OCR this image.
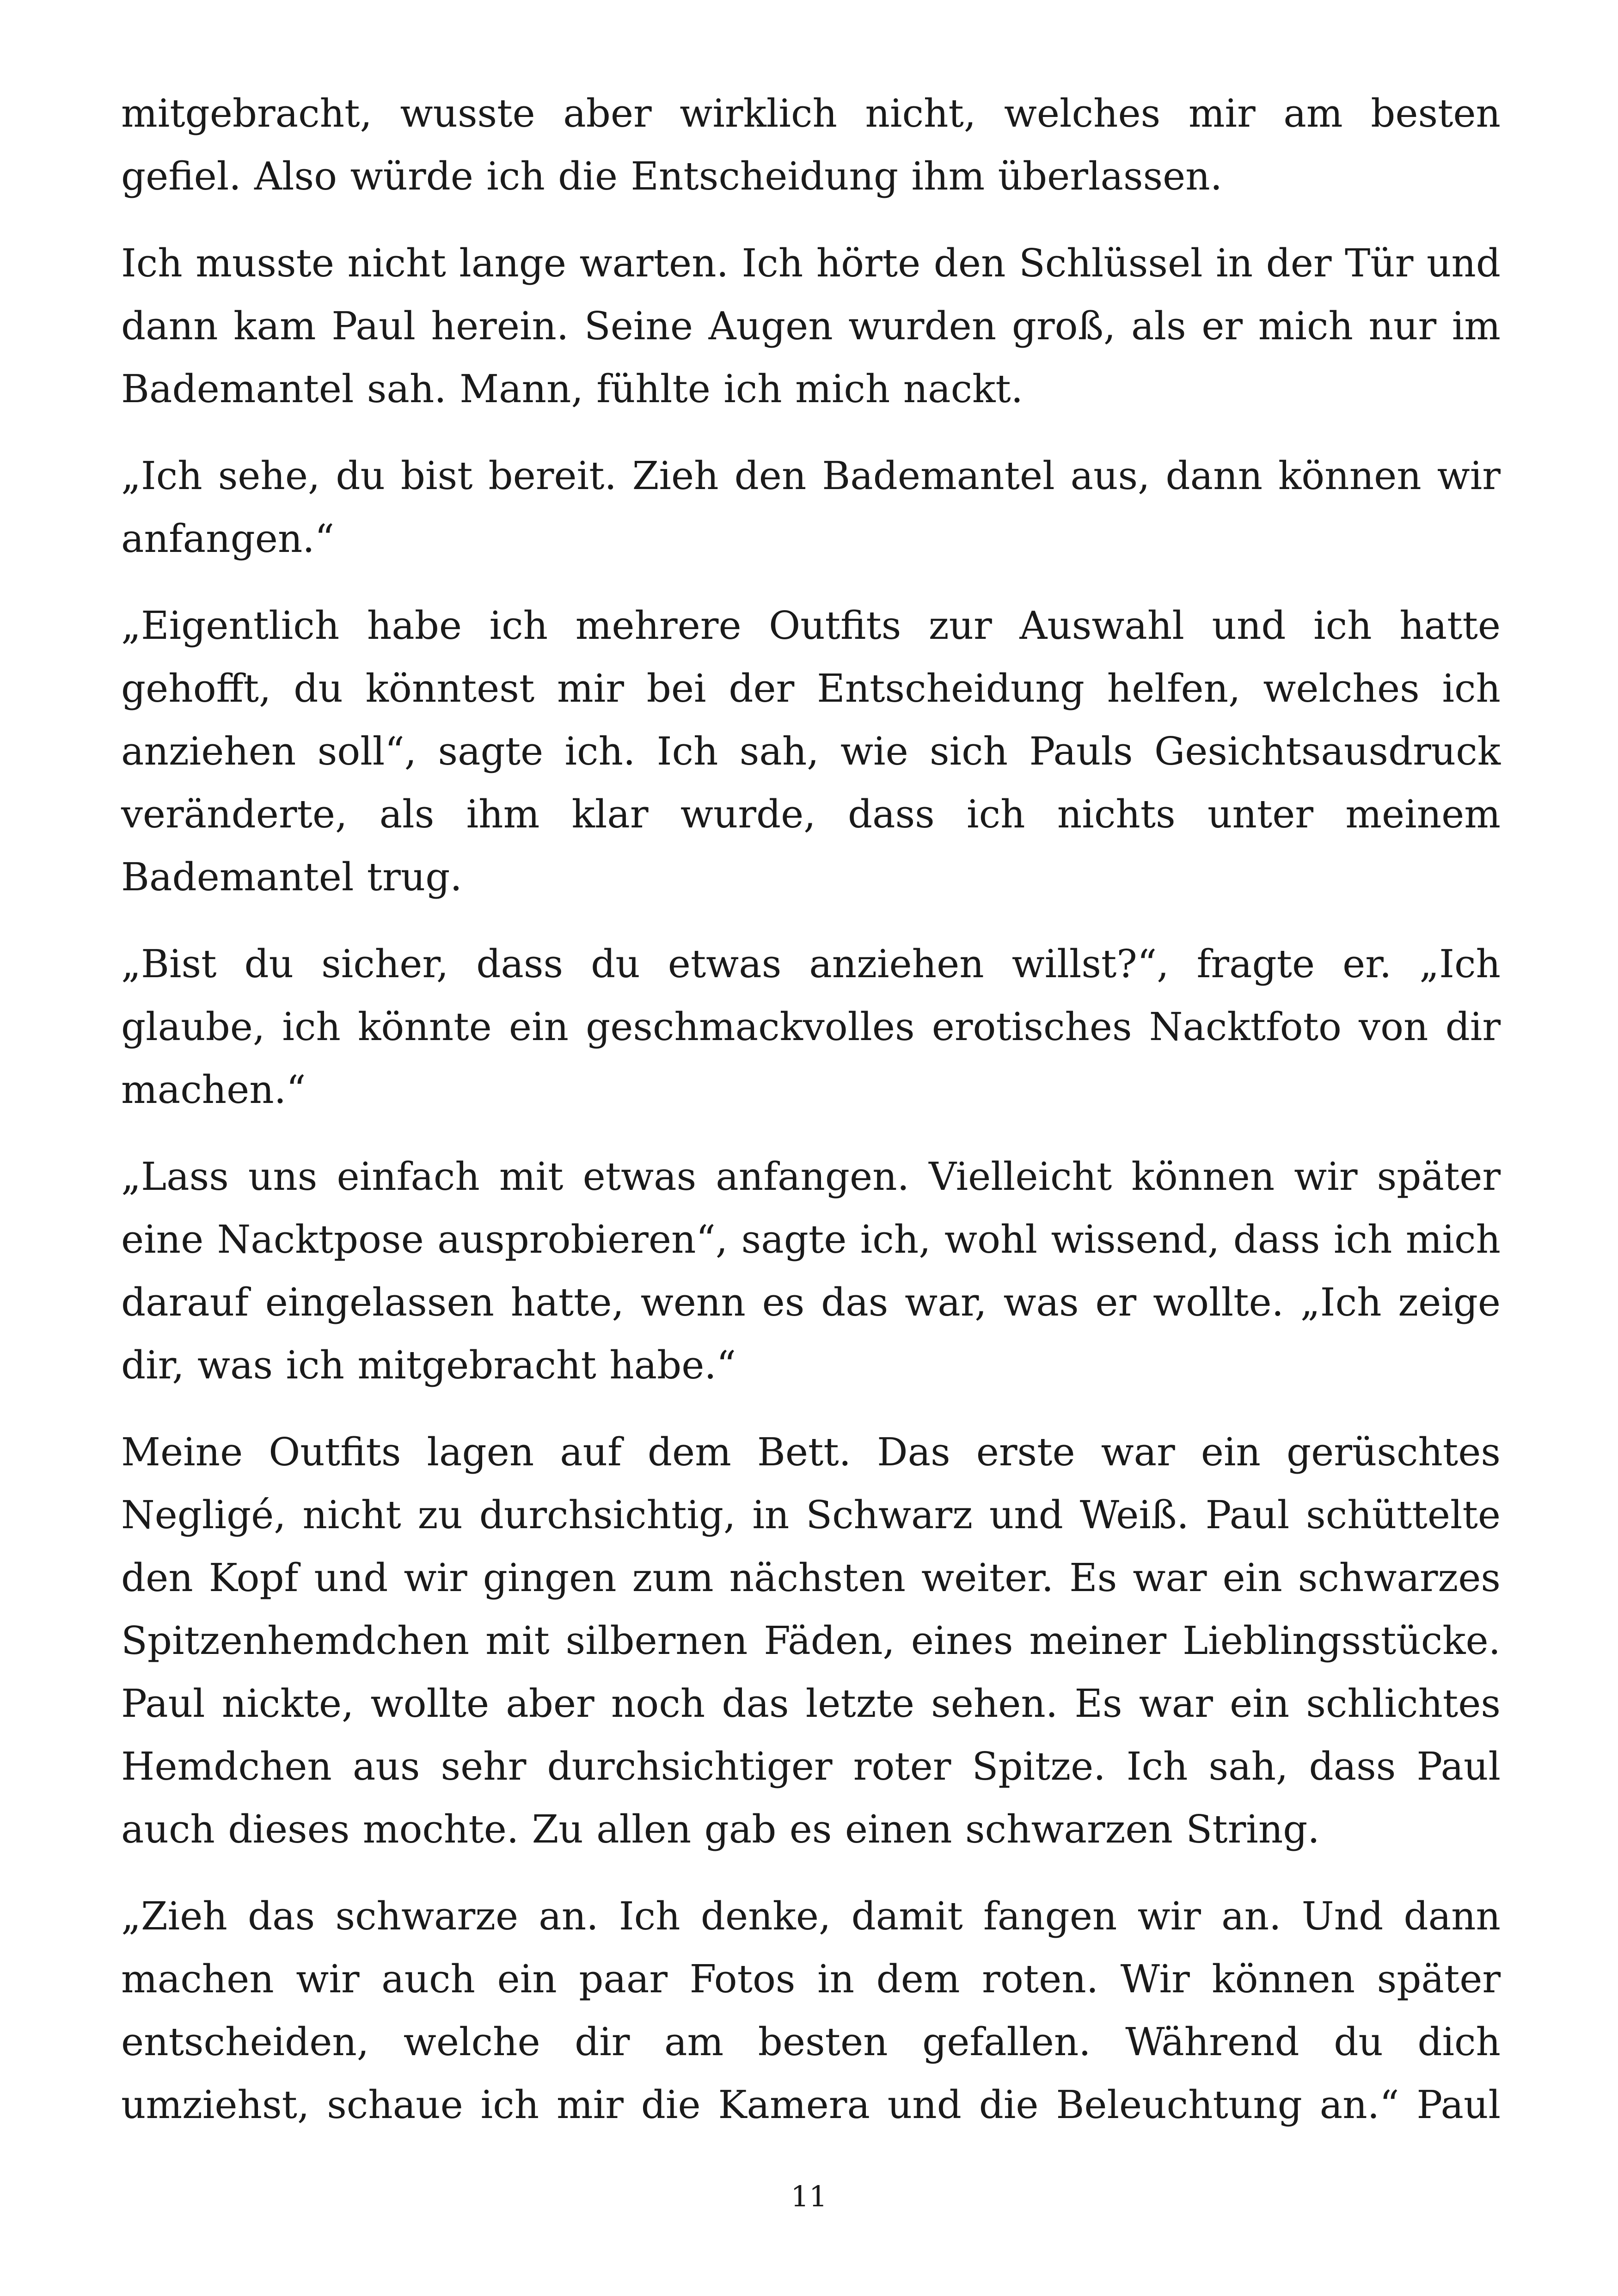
mitgebracht, wusste aber wirklich nicht, welches mir am besten gefiel. Also würde ich die Entscheidung ihm überlassen.

Ich musste nicht lange warten. Ich hörte den Schlüssel in der Tür und dann kam Paul herein. Seine Augen wurden groß, als er mich nur im Bademantel sah. Mann, fühlte ich mich nackt.

„Ich sehe, du bist bereit. Zieh den Bademantel aus, dann können wir anfangen.“

„Eigentlich habe ich mehrere Outfits zur Auswahl und ich hatte gehofft, du könntest mir bei der Entscheidung helfen, welches ich anziehen soll“, sagte ich. Ich sah, wie sich Pauls Gesichtsausdruck veränderte, als ihm klar wurde, dass ich nichts unter meinem Bademantel trug.

„Bist du sicher, dass du etwas anziehen willst?“, fragte er. „Ich glaube, ich könnte ein geschmackvolles erotisches Nacktfoto von dir machen.“

„Lass uns einfach mit etwas anfangen. Vielleicht können wir später eine Nacktpose ausprobieren“, sagte ich, wohl wissend, dass ich mich darauf eingelassen hatte, wenn es das war, was er wollte. „Ich zeige dir, was ich mitgebracht habe.“

Meine Outfits lagen auf dem Bett. Das erste war ein gerüschtes Negligé, nicht zu durchsichtig, in Schwarz und Weiß. Paul schüttelte den Kopf und wir gingen zum nächsten weiter. Es war ein schwarzes Spitzenhemdchen mit silbernen Fäden, eines meiner Lieblingsstücke. Paul nickte, wollte aber noch das letzte sehen. Es war ein schlichtes Hemdchen aus sehr durchsichtiger roter Spitze. Ich sah, dass Paul auch dieses mochte. Zu allen gab es einen schwarzen String.

„Zieh das schwarze an. Ich denke, damit fangen wir an. Und dann machen wir auch ein paar Fotos in dem roten. Wir können später entscheiden, welche dir am besten gefallen. Während du dich umziehst, schaue ich mir die Kamera und die Beleuchtung an.“ Paul

11
